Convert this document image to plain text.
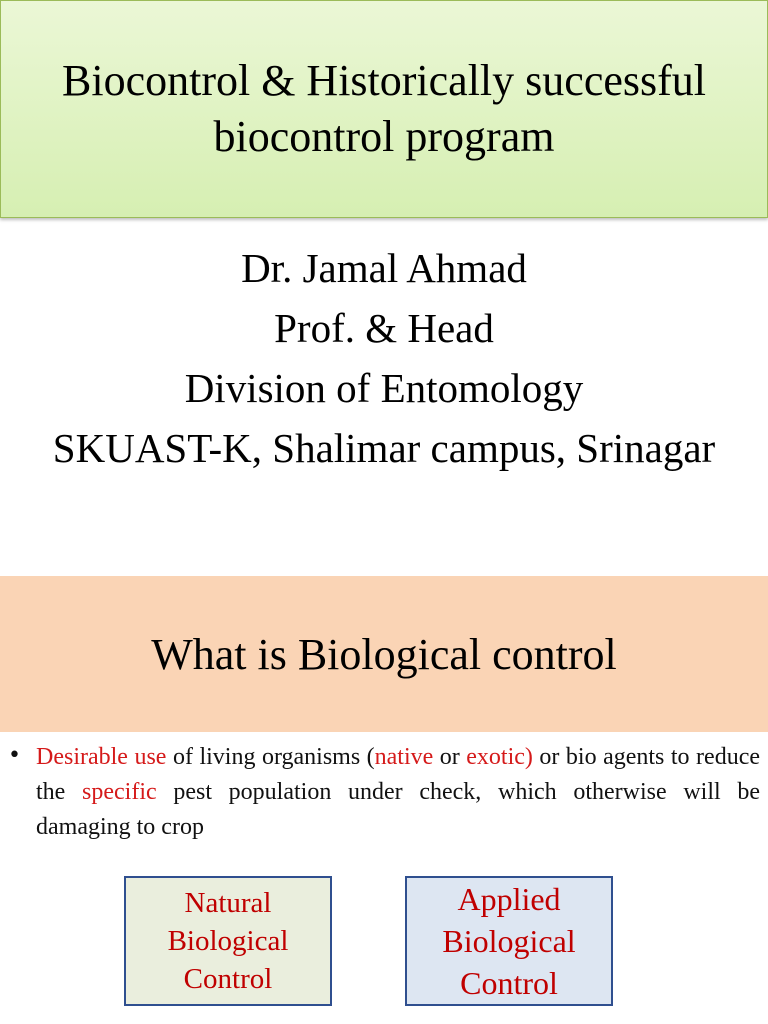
Biocontrol & Historically successful
biocontrol program

Dr. Jamal Ahmad

Prof. & Head

Division of Entomology

SKUAST-K, Shalimar campus, Srinagar

What is Biological control
• Desirable use of living organisms (native or exotic) or bio agents to reduce the specific pest population under check, which otherwise will be damaging to crop
Natural
Biological
Control
Applied
Biological
Control
